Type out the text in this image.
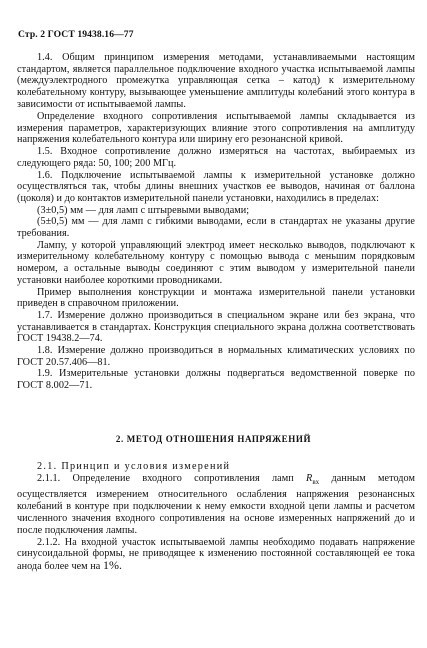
Стр. 2 ГОСТ 19438.16—77

1.4. Общим принципом измерения методами, устанавливаемыми настоящим стандартом, является параллельное подключение входного участка испытываемой лампы (междуэлектродного промежутка управляющая сетка – катод) к измерительному колебательному контуру, вызывающее уменьшение амплитуды колебаний этого контура в зависимости от испытываемой лампы.

Определение входного сопротивления испытываемой лампы складывается из измерения параметров, характеризующих влияние этого сопротивления на амплитуду напряжения колебательного контура или ширину его резонансной кривой.

1.5. Входное сопротивление должно измеряться на частотах, выбираемых из следующего ряда: 50, 100; 200 МГц.

1.6. Подключение испытываемой лампы к измерительной установке должно осуществляться так, чтобы длины внешних участков ее выводов, начиная от баллона (цоколя) и до контактов измерительной панели установки, находились в пределах:

(3±0,5) мм — для ламп с штыревыми выводами;

(5±0,5) мм — для ламп с гибкими выводами, если в стандартах не указаны другие требования.

Лампу, у которой управляющий электрод имеет несколько выводов, подключают к измерительному колебательному контуру с помощью вывода с меньшим порядковым номером, а остальные выводы соединяют с этим выводом у измерительной панели установки наиболее короткими проводниками.

Пример выполнения конструкции и монтажа измерительной панели установки приведен в справочном приложении.

1.7. Измерение должно производиться в специальном экране или без экрана, что устанавливается в стандартах. Конструкция специального экрана должна соответствовать ГОСТ 19438.2—74.

1.8. Измерение должно производиться в нормальных климатических условиях по ГОСТ 20.57.406—81.

1.9. Измерительные установки должны подвергаться ведомственной поверке по ГОСТ 8.002—71.

2. МЕТОД ОТНОШЕНИЯ НАПРЯЖЕНИЙ

2.1. Принцип и условия измерений

2.1.1. Определение входного сопротивления ламп $R_{вх}$ данным методом осуществляется измерением относительного ослабления напряжения резонансных колебаний в контуре при подключении к нему емкости входной цепи лампы и расчетом численного значения входного сопротивления на основе измеренных напряжений до и после подключения лампы.

2.1.2. На входной участок испытываемой лампы необходимо подавать напряжение синусоидальной формы, не приводящее к изменению постоянной составляющей ее тока анода более чем на 1%.
